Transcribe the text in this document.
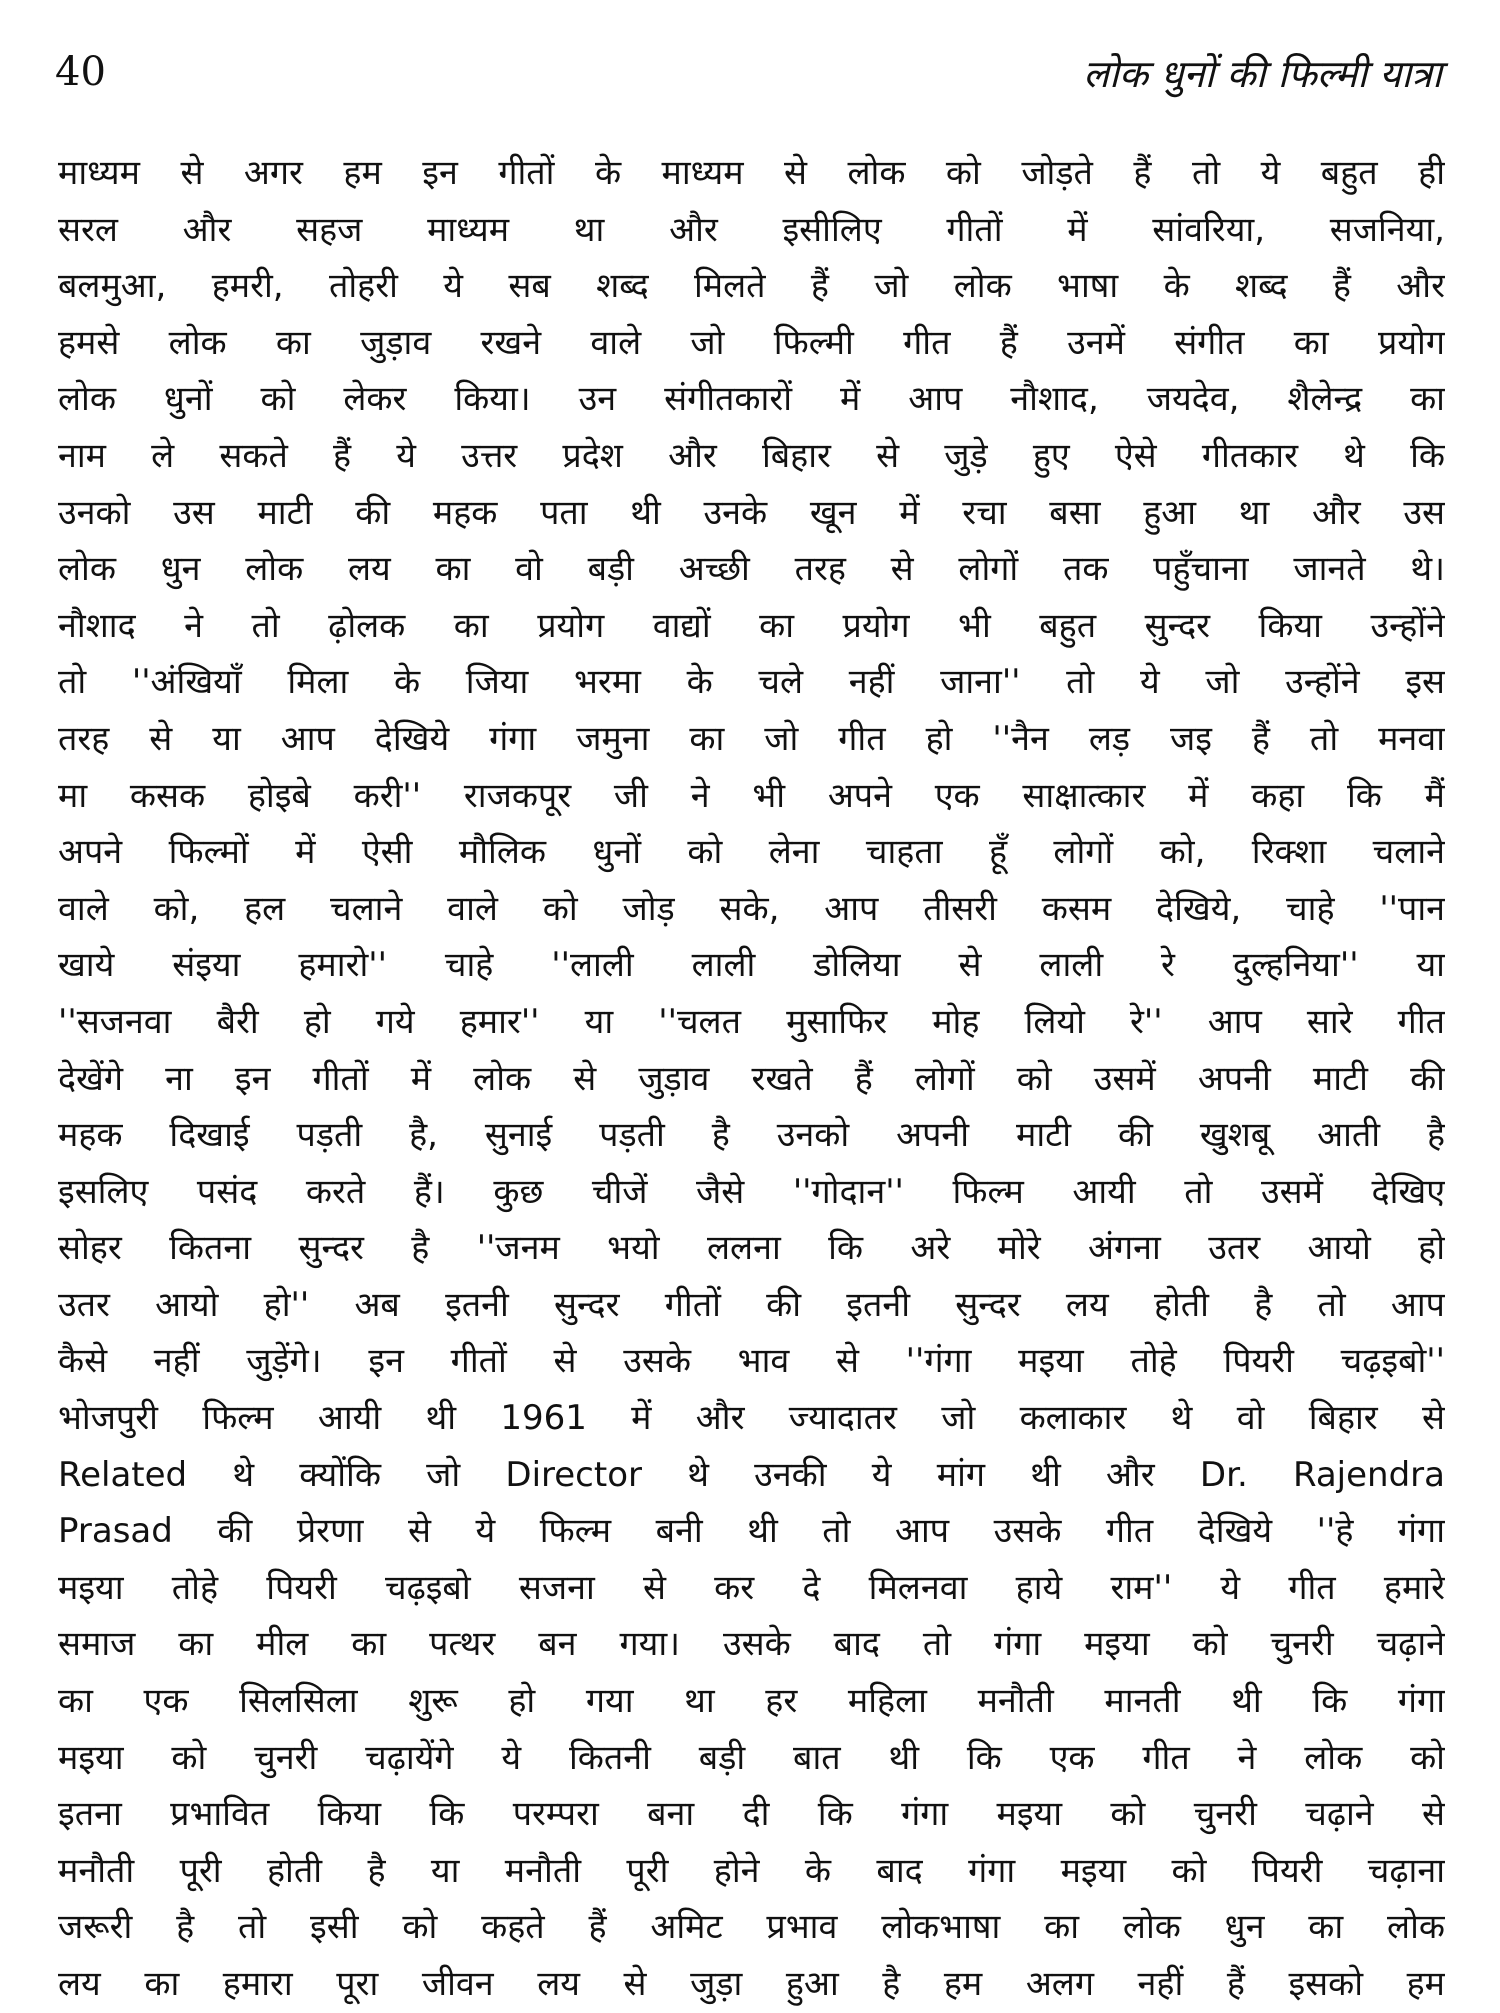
40	लोक धुनों की फिल्मी यात्रा
माध्यम से अगर हम इन गीतों के माध्यम से लोक को जोड़ते हैं तो ये बहुत ही
सरल और सहज माध्यम था और इसीलिए गीतों में सांवरिया, सजनिया,
बलमुआ, हमरी, तोहरी ये सब शब्द मिलते हैं जो लोक भाषा के शब्द हैं और
हमसे लोक का जुड़ाव रखने वाले जो फिल्मी गीत हैं उनमें संगीत का प्रयोग
लोक धुनों को लेकर किया। उन संगीतकारों में आप नौशाद, जयदेव, शैलेन्द्र का
नाम ले सकते हैं ये उत्तर प्रदेश और बिहार से जुड़े हुए ऐसे गीतकार थे कि
उनको उस माटी की महक पता थी उनके खून में रचा बसा हुआ था और उस
लोक धुन लोक लय का वो बड़ी अच्छी तरह से लोगों तक पहुँचाना जानते थे।
नौशाद ने तो ढ़ोलक का प्रयोग वाद्यों का प्रयोग भी बहुत सुन्दर किया उन्होंने
तो ''अंखियाँ मिला के जिया भरमा के चले नहीं जाना'' तो ये जो उन्होंने इस
तरह से या आप देखिये गंगा जमुना का जो गीत हो ''नैन लड़ जइ हैं तो मनवा
मा कसक होइबे करी'' राजकपूर जी ने भी अपने एक साक्षात्कार में कहा कि मैं
अपने फिल्मों में ऐसी मौलिक धुनों को लेना चाहता हूँ लोगों को, रिक्शा चलाने
वाले को, हल चलाने वाले को जोड़ सके, आप तीसरी कसम देखिये, चाहे ''पान
खाये संइया हमारो'' चाहे ''लाली लाली डोलिया से लाली रे दुल्हनिया'' या
''सजनवा बैरी हो गये हमार'' या ''चलत मुसाफिर मोह लियो रे'' आप सारे गीत
देखेंगे ना इन गीतों में लोक से जुड़ाव रखते हैं लोगों को उसमें अपनी माटी की
महक दिखाई पड़ती है, सुनाई पड़ती है उनको अपनी माटी की खुशबू आती है
इसलिए पसंद करते हैं। कुछ चीजें जैसे ''गोदान'' फिल्म आयी तो उसमें देखिए
सोहर कितना सुन्दर है ''जनम भयो ललना कि अरे मोरे अंगना उतर आयो हो
उतर आयो हो'' अब इतनी सुन्दर गीतों की इतनी सुन्दर लय होती है तो आप
कैसे नहीं जुड़ेंगे। इन गीतों से उसके भाव से ''गंगा मइया तोहे पियरी चढ़इबो''
भोजपुरी फिल्म आयी थी 1961 में और ज्यादातर जो कलाकार थे वो बिहार से
Related थे क्योंकि जो Director थे उनकी ये मांग थी और Dr. Rajendra
Prasad की प्रेरणा से ये फिल्म बनी थी तो आप उसके गीत देखिये ''हे गंगा
मइया तोहे पियरी चढ़इबो सजना से कर दे मिलनवा हाये राम'' ये गीत हमारे
समाज का मील का पत्थर बन गया। उसके बाद तो गंगा मइया को चुनरी चढ़ाने
का एक सिलसिला शुरू हो गया था हर महिला मनौती मानती थी कि गंगा
मइया को चुनरी चढ़ायेंगे ये कितनी बड़ी बात थी कि एक गीत ने लोक को
इतना प्रभावित किया कि परम्परा बना दी कि गंगा मइया को चुनरी चढ़ाने से
मनौती पूरी होती है या मनौती पूरी होने के बाद गंगा मइया को पियरी चढ़ाना
जरूरी है तो इसी को कहते हैं अमिट प्रभाव लोकभाषा का लोक धुन का लोक
लय का हमारा पूरा जीवन लय से जुड़ा हुआ है हम अलग नहीं हैं इसको हम
